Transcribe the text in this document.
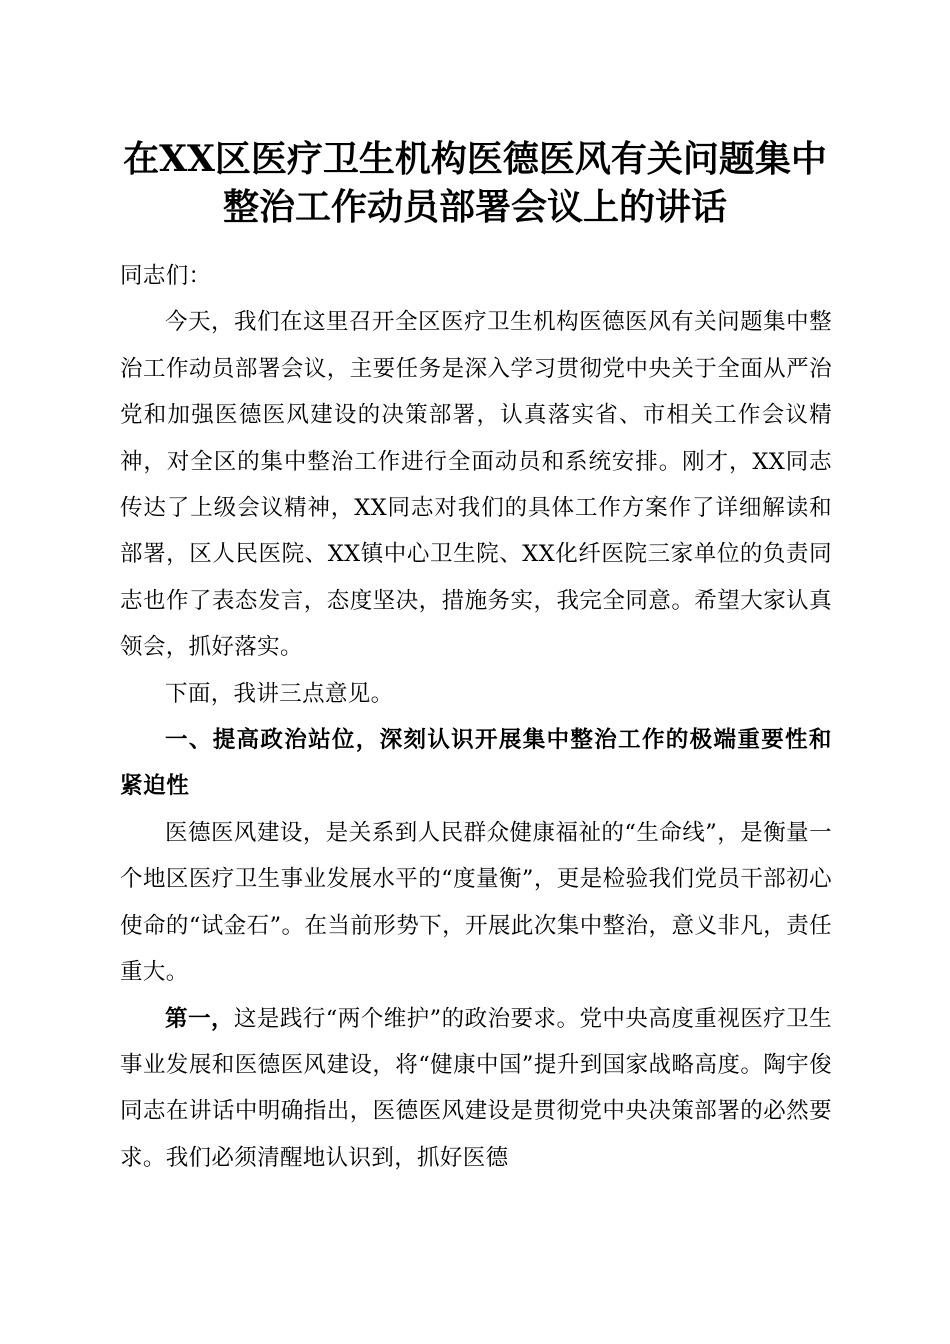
在XX区医疗卫生机构医德医风有关问题集中
整治工作动员部署会议上的讲话

同志们：

今天，我们在这里召开全区医疗卫生机构医德医风有关问题集中整治工作动员部署会议，主要任务是深入学习贯彻党中央关于全面从严治党和加强医德医风建设的决策部署，认真落实省、市相关工作会议精神，对全区的集中整治工作进行全面动员和系统安排。刚才，XX同志传达了上级会议精神，XX同志对我们的具体工作方案作了详细解读和部署，区人民医院、XX镇中心卫生院、XX化纤医院三家单位的负责同志也作了表态发言，态度坚决，措施务实，我完全同意。希望大家认真领会，抓好落实。

下面，我讲三点意见。

一、提高政治站位，深刻认识开展集中整治工作的极端重要性和紧迫性

医德医风建设，是关系到人民群众健康福祉的“生命线”，是衡量一个地区医疗卫生事业发展水平的“度量衡”，更是检验我们党员干部初心使命的“试金石”。在当前形势下，开展此次集中整治，意义非凡，责任重大。

第一，这是践行“两个维护”的政治要求。党中央高度重视医疗卫生事业发展和医德医风建设，将“健康中国”提升到国家战略高度。陶宇俊同志在讲话中明确指出，医德医风建设是贯彻党中央决策部署的必然要求。我们必须清醒地认识到，抓好医德
